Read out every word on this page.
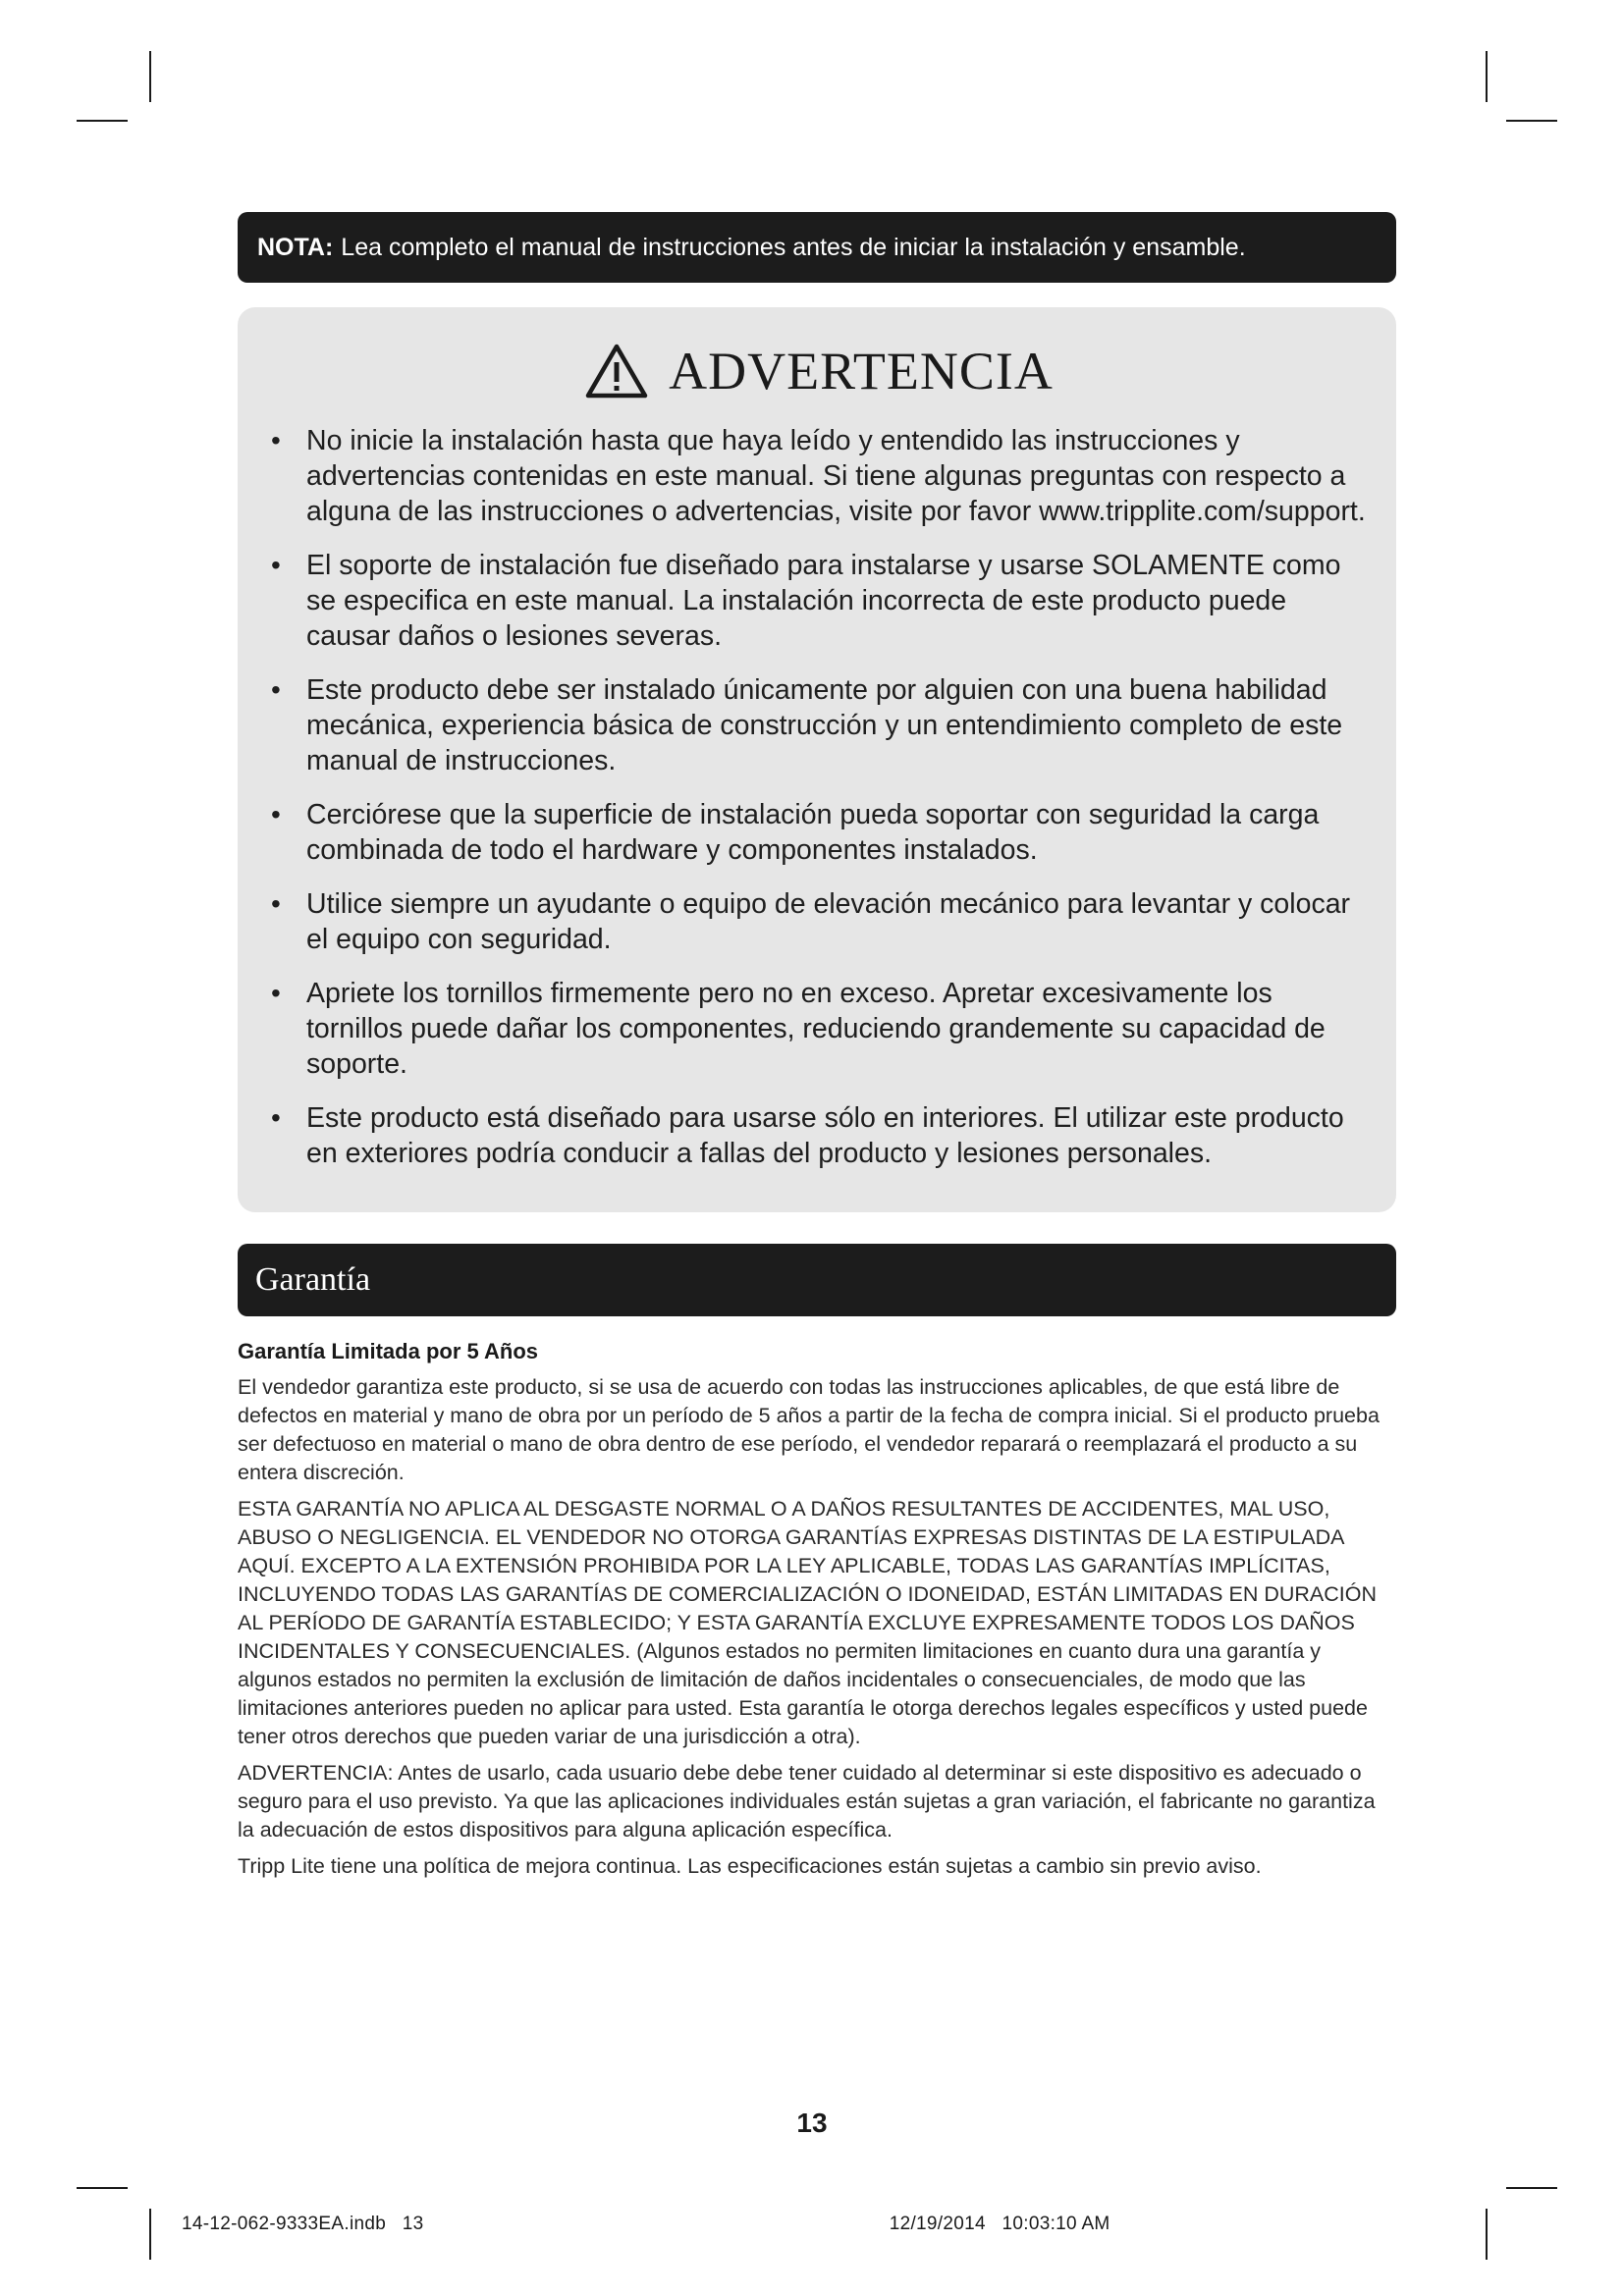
NOTA: Lea completo el manual de instrucciones antes de iniciar la instalación y ensamble.
ADVERTENCIA
• No inicie la instalación hasta que haya leído y entendido las instrucciones y advertencias contenidas en este manual. Si tiene algunas preguntas con respecto a alguna de las instrucciones o advertencias, visite por favor www.tripplite.com/support.
• El soporte de instalación fue diseñado para instalarse y usarse SOLAMENTE como se especifica en este manual. La instalación incorrecta de este producto puede causar daños o lesiones severas.
• Este producto debe ser instalado únicamente por alguien con una buena habilidad mecánica, experiencia básica de construcción y un entendimiento completo de este manual de instrucciones.
• Cerciórese que la superficie de instalación pueda soportar con seguridad la carga combinada de todo el hardware y componentes instalados.
• Utilice siempre un ayudante o equipo de elevación mecánico para levantar y colocar el equipo con seguridad.
• Apriete los tornillos firmemente pero no en exceso. Apretar excesivamente los tornillos puede dañar los componentes, reduciendo grandemente su capacidad de soporte.
• Este producto está diseñado para usarse sólo en interiores. El utilizar este producto en exteriores podría conducir a fallas del producto y lesiones personales.
Garantía
Garantía Limitada por 5 Años

El vendedor garantiza este producto, si se usa de acuerdo con todas las instrucciones aplicables, de que está libre de defectos en material y mano de obra por un período de 5 años a partir de la fecha de compra inicial. Si el producto prueba ser defectuoso en material o mano de obra dentro de ese período, el vendedor reparará o reemplazará el producto a su entera discreción.

ESTA GARANTÍA NO APLICA AL DESGASTE NORMAL O A DAÑOS RESULTANTES DE ACCIDENTES, MAL USO, ABUSO O NEGLIGENCIA. EL VENDEDOR NO OTORGA GARANTÍAS EXPRESAS DISTINTAS DE LA ESTIPULADA AQUÍ. EXCEPTO A LA EXTENSIÓN PROHIBIDA POR LA LEY APLICABLE, TODAS LAS GARANTÍAS IMPLÍCITAS, INCLUYENDO TODAS LAS GARANTÍAS DE COMERCIALIZACIÓN O IDONEIDAD, ESTÁN LIMITADAS EN DURACIÓN AL PERÍODO DE GARANTÍA ESTABLECIDO; Y ESTA GARANTÍA EXCLUYE EXPRESAMENTE TODOS LOS DAÑOS INCIDENTALES Y CONSECUENCIALES. (Algunos estados no permiten limitaciones en cuanto dura una garantía y algunos estados no permiten la exclusión de limitación de daños incidentales o consecuenciales, de modo que las limitaciones anteriores pueden no aplicar para usted. Esta garantía le otorga derechos legales específicos y usted puede tener otros derechos que pueden variar de una jurisdicción a otra).

ADVERTENCIA: Antes de usarlo, cada usuario debe debe tener cuidado al determinar si este dispositivo es adecuado o seguro para el uso previsto. Ya que las aplicaciones individuales están sujetas a gran variación, el fabricante no garantiza la adecuación de estos dispositivos para alguna aplicación específica.

Tripp Lite tiene una política de mejora continua. Las especificaciones están sujetas a cambio sin previo aviso.

13
14-12-062-9333EA.indb   13                                                                                     12/19/2014   10:03:10 AM
